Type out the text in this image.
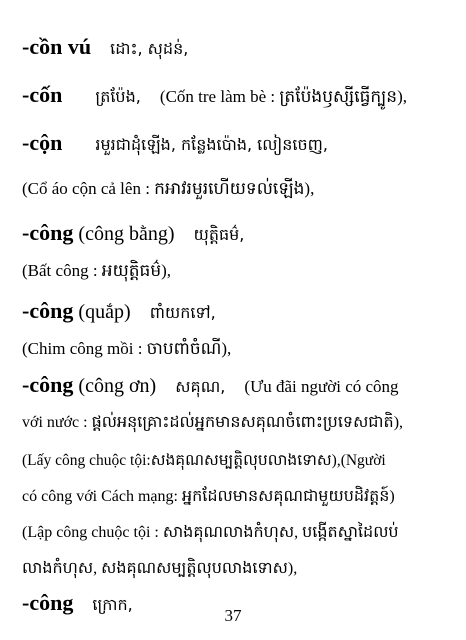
-cồn vú ដោះ, សុដន់,
-cốn ត្រប៉ែង, (Cốn tre làm bè : ត្រប៉ែងឫស្សីធ្វើក្បូន),
-cộn រមួរជាដុំឡើង, កន្លែងប៉ោង, លៀនចេញ,
(Cổ áo cộn cả lên : កអាវរមួរហើយទល់ឡើង),
-công (công bằng) យុត្តិធម៌,
(Bất công : អយុត្តិធម៌),
-công (quắp) ពាំយកទៅ,
(Chim công mồi : ចាបពាំចំណី),
-công (công ơn) សគុណ, (Ưu đãi người có công
với nước : ផ្តល់អនុគ្រោះដល់អ្នកមានសគុណចំពោះប្រទេសជាតិ),
(Lấy công chuộc tội:សងគុណសម្បត្តិលុបលាងទោស),(Người
có công với Cách mạng: អ្នកដែលមានសគុណជាមួយបដិវត្តន៍)
(Lập công chuộc tội : សាងគុណលាងកំហុស, បង្កើតស្នាដៃលប់
លាងកំហុស, សងគុណសម្បត្តិលុបលាងទោស),
-công ក្រោក,
37
